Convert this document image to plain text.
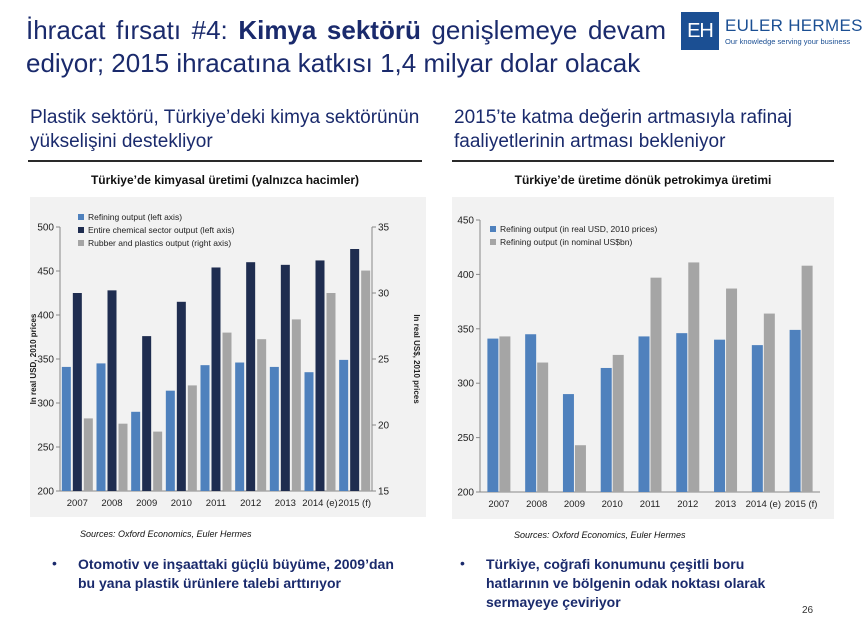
İhracat fırsatı #4: Kimya sektörü genişlemeye devam ediyor; 2015 ihracatına katkısı 1,4 milyar dolar olacak
EH EULER HERMES
Our knowledge serving your business
Plastik sektörü, Türkiye’deki kimya sektörünün yükselişini destekliyor
2015’te katma değerin artmasıyla rafinaj faaliyetlerinin artması bekleniyor
Türkiye’de kimyasal üretimi (yalnızca hacimler)	Türkiye’de üretime dönük petrokimya üretimi
200
250
300
350
400
450
500
15
20
25
30
35
In real USD, 2010 prices	In real US$, 2010 prices
2007 2008 2009 2010 2011 2012 2013 2014 (e) 2015 (f)
Refining output (left axis)
Entire chemical sector output (left axis)
Rubber and plastics output (right axis)
200
250
300
350
400
450
2007 2008 2009 2010 2011 2012 2013 2014 (e) 2015 (f)
Refining output (in real USD, 2010 prices)
Refining output (in nominal US$bn)
Sources: Oxford Economics, Euler Hermes	Sources: Oxford Economics, Euler Hermes
• Otomotiv ve inşaattaki güçlü büyüme, 2009’dan bu yana plastik ürünlere talebi arttırıyor
• Türkiye, coğrafi konumunu çeşitli boru hatlarının ve bölgenin odak noktası olarak sermayeye çeviriyor
26
